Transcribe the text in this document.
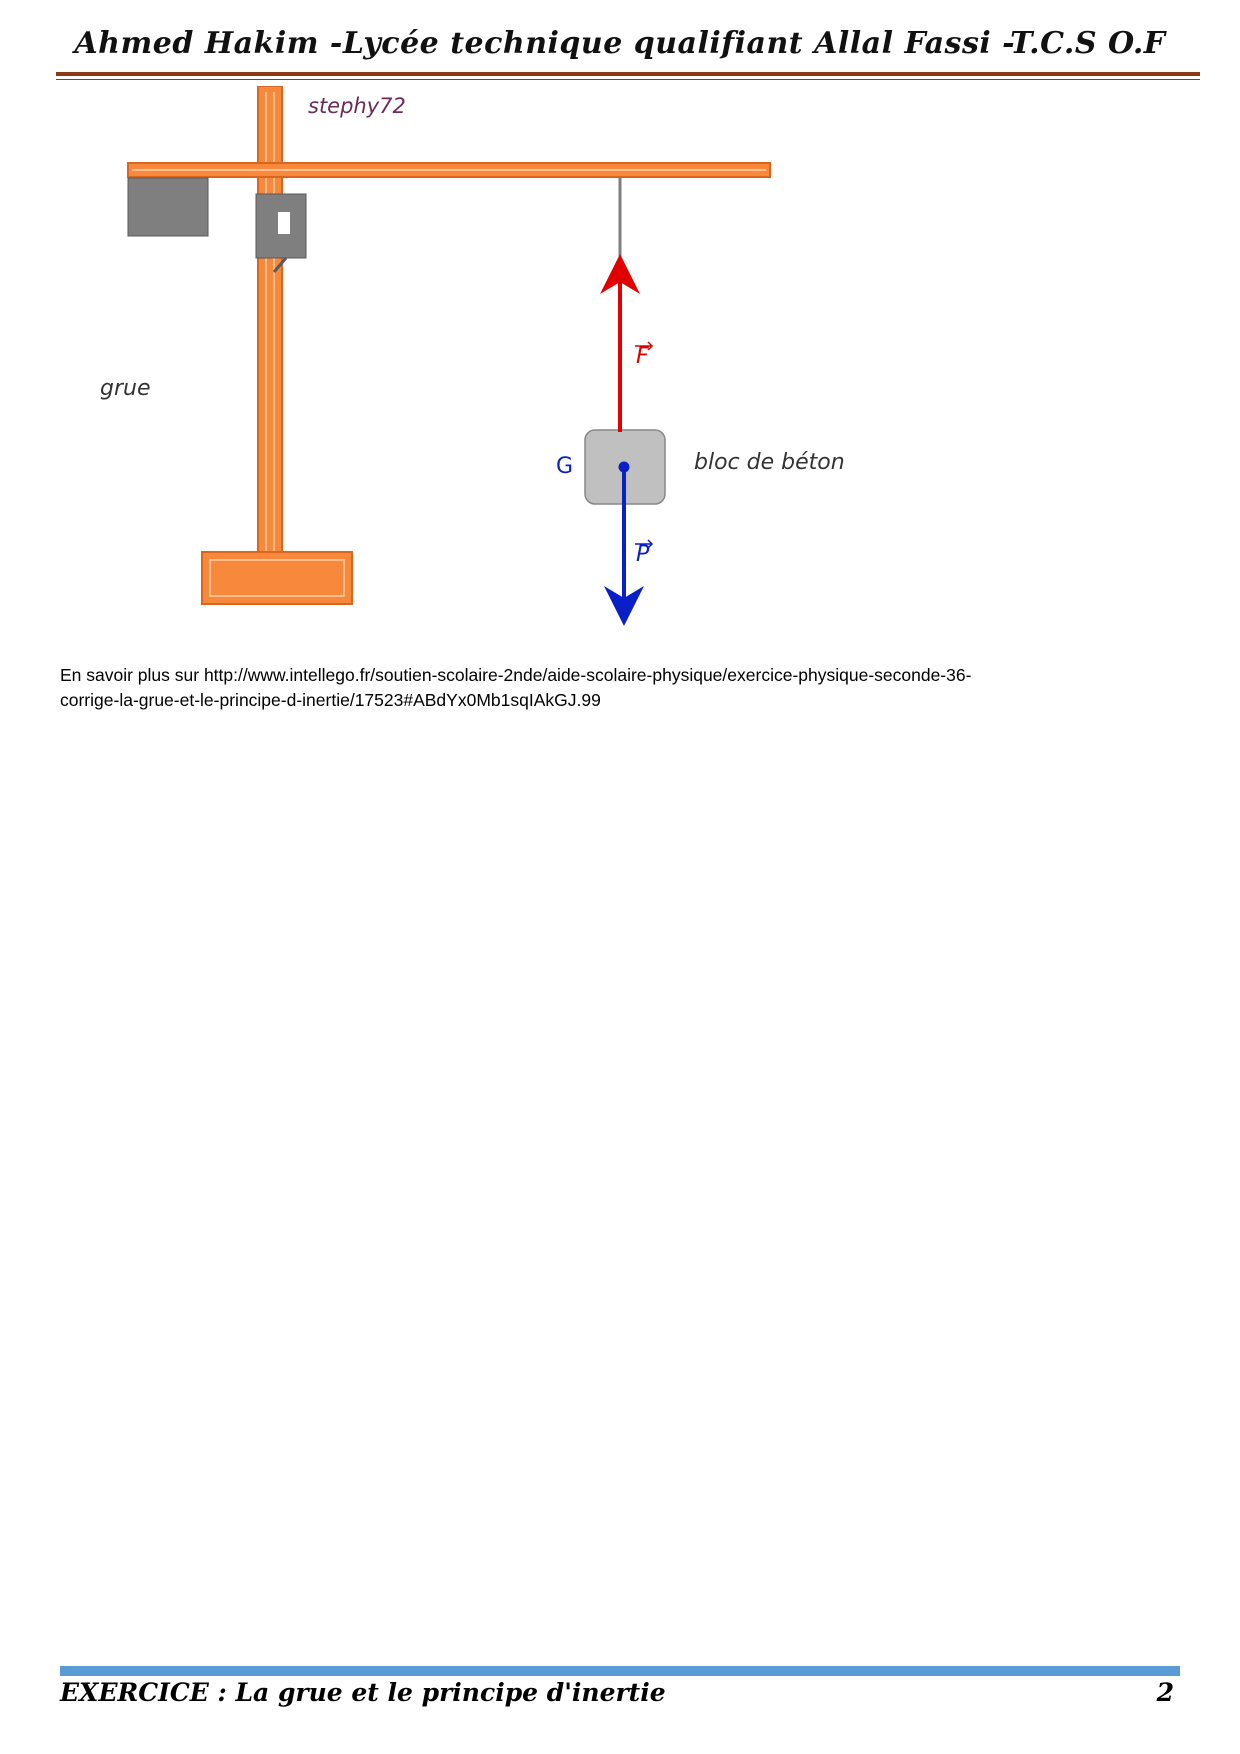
Ahmed Hakim -Lycée technique qualifiant Allal Fassi -T.C.S O.F
stephy72
grue
bloc de béton
G
F
P
En savoir plus sur http://www.intellego.fr/soutien-scolaire-2nde/aide-scolaire-physique/exercice-physique-seconde-36-
corrige-la-grue-et-le-principe-d-inertie/17523#ABdYx0Mb1sqIAkGJ.99
EXERCICE : La grue et le principe d'inertie	2
